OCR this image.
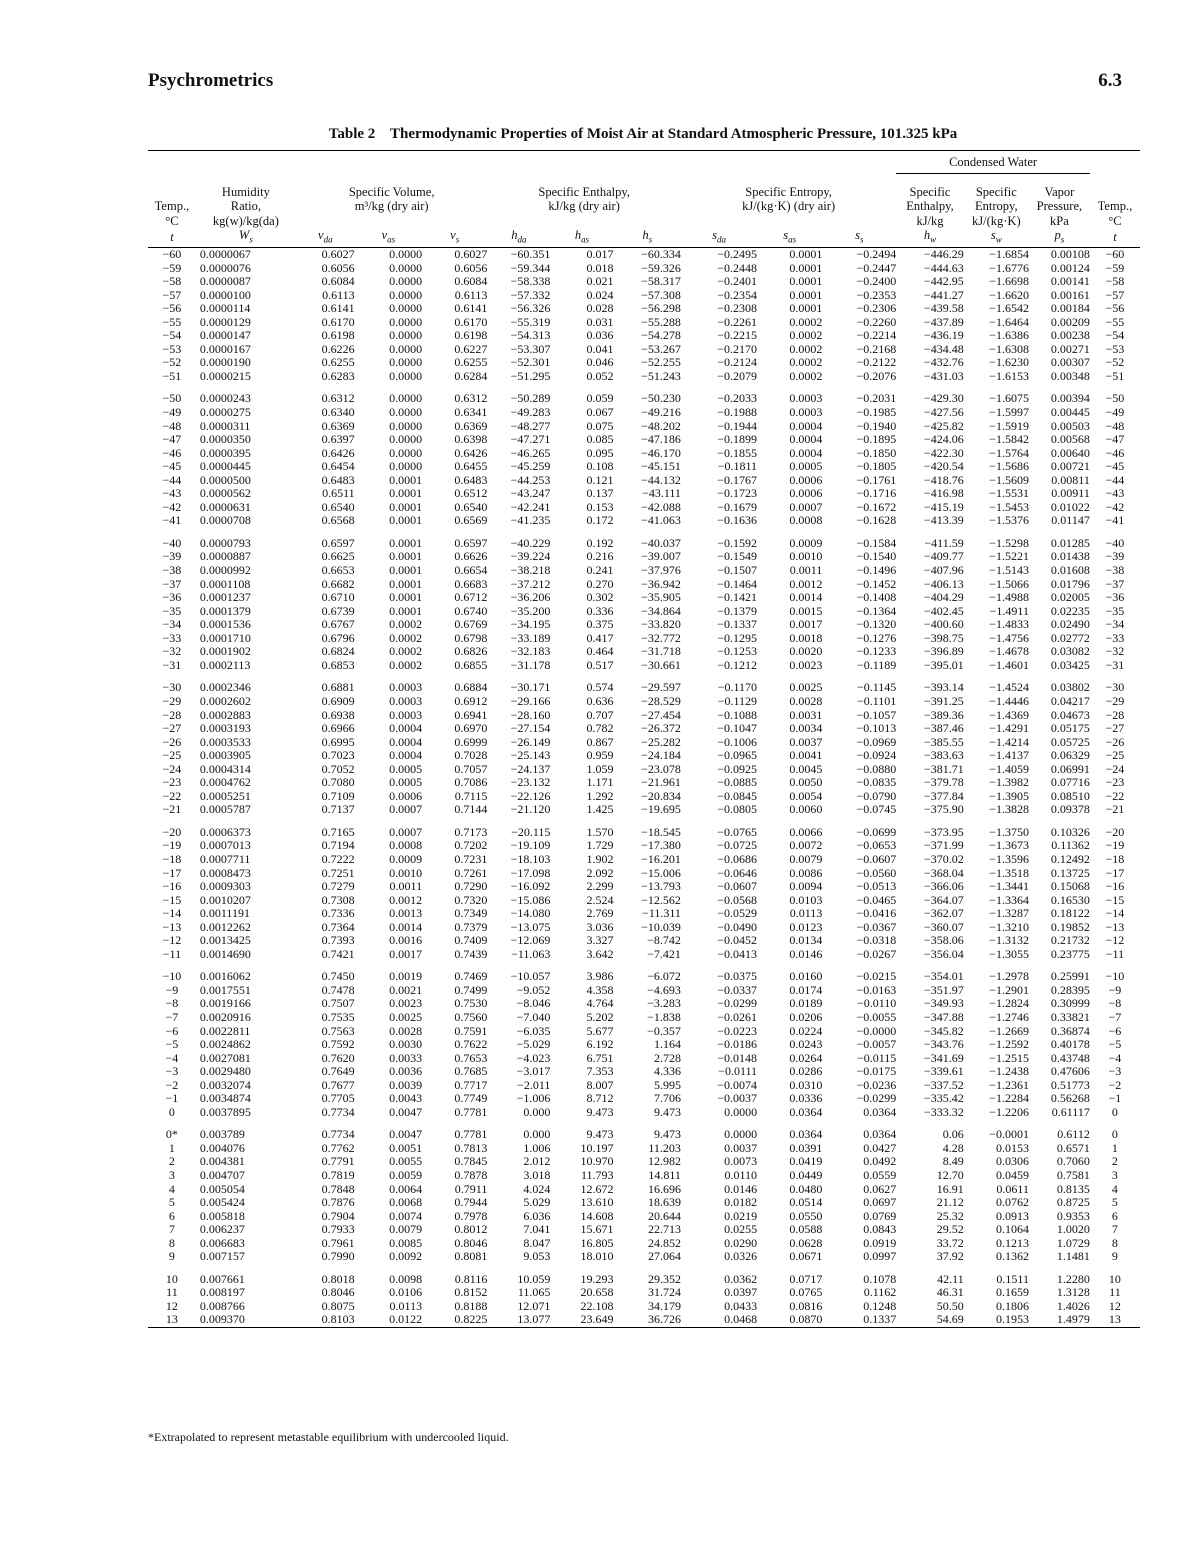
Psychrometrics	6.3
Table 2    Thermodynamic Properties of Moist Air at Standard Atmospheric Pressure, 101.325 kPa
											Condensed Water			

Temp.,
°C	Humidity
Ratio,
kg(w)/kg(da)	Specific Volume,
m³/kg (dry air)			Specific Enthalpy,
kJ/kg (dry air)			Specific Entropy,
kJ/(kg·K) (dry air)			Specific
Enthalpy,
kJ/kg	Specific
Entropy,
kJ/(kg·K)	Vapor
Pressure,
kPa	Temp.,
°C
t	$W_s$	$v_{da}$	$v_{as}$	$v_s$	$h_{da}$	$h_{as}$	$h_s$	$s_{da}$	$s_{as}$	$s_s$	$h_w$	$s_w$	$p_s$	t
−60	0.0000067	0.6027	0.0000	0.6027	−60.351	0.017	−60.334	−0.2495	0.0001	−0.2494	−446.29	−1.6854	0.00108	−60
−59	0.0000076	0.6056	0.0000	0.6056	−59.344	0.018	−59.326	−0.2448	0.0001	−0.2447	−444.63	−1.6776	0.00124	−59
−58	0.0000087	0.6084	0.0000	0.6084	−58.338	0.021	−58.317	−0.2401	0.0001	−0.2400	−442.95	−1.6698	0.00141	−58
−57	0.0000100	0.6113	0.0000	0.6113	−57.332	0.024	−57.308	−0.2354	0.0001	−0.2353	−441.27	−1.6620	0.00161	−57
−56	0.0000114	0.6141	0.0000	0.6141	−56.326	0.028	−56.298	−0.2308	0.0001	−0.2306	−439.58	−1.6542	0.00184	−56
−55	0.0000129	0.6170	0.0000	0.6170	−55.319	0.031	−55.288	−0.2261	0.0002	−0.2260	−437.89	−1.6464	0.00209	−55
−54	0.0000147	0.6198	0.0000	0.6198	−54.313	0.036	−54.278	−0.2215	0.0002	−0.2214	−436.19	−1.6386	0.00238	−54
−53	0.0000167	0.6226	0.0000	0.6227	−53.307	0.041	−53.267	−0.2170	0.0002	−0.2168	−434.48	−1.6308	0.00271	−53
−52	0.0000190	0.6255	0.0000	0.6255	−52.301	0.046	−52.255	−0.2124	0.0002	−0.2122	−432.76	−1.6230	0.00307	−52
−51	0.0000215	0.6283	0.0000	0.6284	−51.295	0.052	−51.243	−0.2079	0.0002	−0.2076	−431.03	−1.6153	0.00348	−51

−50	0.0000243	0.6312	0.0000	0.6312	−50.289	0.059	−50.230	−0.2033	0.0003	−0.2031	−429.30	−1.6075	0.00394	−50
−49	0.0000275	0.6340	0.0000	0.6341	−49.283	0.067	−49.216	−0.1988	0.0003	−0.1985	−427.56	−1.5997	0.00445	−49
−48	0.0000311	0.6369	0.0000	0.6369	−48.277	0.075	−48.202	−0.1944	0.0004	−0.1940	−425.82	−1.5919	0.00503	−48
−47	0.0000350	0.6397	0.0000	0.6398	−47.271	0.085	−47.186	−0.1899	0.0004	−0.1895	−424.06	−1.5842	0.00568	−47
−46	0.0000395	0.6426	0.0000	0.6426	−46.265	0.095	−46.170	−0.1855	0.0004	−0.1850	−422.30	−1.5764	0.00640	−46
−45	0.0000445	0.6454	0.0000	0.6455	−45.259	0.108	−45.151	−0.1811	0.0005	−0.1805	−420.54	−1.5686	0.00721	−45
−44	0.0000500	0.6483	0.0001	0.6483	−44.253	0.121	−44.132	−0.1767	0.0006	−0.1761	−418.76	−1.5609	0.00811	−44
−43	0.0000562	0.6511	0.0001	0.6512	−43.247	0.137	−43.111	−0.1723	0.0006	−0.1716	−416.98	−1.5531	0.00911	−43
−42	0.0000631	0.6540	0.0001	0.6540	−42.241	0.153	−42.088	−0.1679	0.0007	−0.1672	−415.19	−1.5453	0.01022	−42
−41	0.0000708	0.6568	0.0001	0.6569	−41.235	0.172	−41.063	−0.1636	0.0008	−0.1628	−413.39	−1.5376	0.01147	−41

−40	0.0000793	0.6597	0.0001	0.6597	−40.229	0.192	−40.037	−0.1592	0.0009	−0.1584	−411.59	−1.5298	0.01285	−40
−39	0.0000887	0.6625	0.0001	0.6626	−39.224	0.216	−39.007	−0.1549	0.0010	−0.1540	−409.77	−1.5221	0.01438	−39
−38	0.0000992	0.6653	0.0001	0.6654	−38.218	0.241	−37.976	−0.1507	0.0011	−0.1496	−407.96	−1.5143	0.01608	−38
−37	0.0001108	0.6682	0.0001	0.6683	−37.212	0.270	−36.942	−0.1464	0.0012	−0.1452	−406.13	−1.5066	0.01796	−37
−36	0.0001237	0.6710	0.0001	0.6712	−36.206	0.302	−35.905	−0.1421	0.0014	−0.1408	−404.29	−1.4988	0.02005	−36
−35	0.0001379	0.6739	0.0001	0.6740	−35.200	0.336	−34.864	−0.1379	0.0015	−0.1364	−402.45	−1.4911	0.02235	−35
−34	0.0001536	0.6767	0.0002	0.6769	−34.195	0.375	−33.820	−0.1337	0.0017	−0.1320	−400.60	−1.4833	0.02490	−34
−33	0.0001710	0.6796	0.0002	0.6798	−33.189	0.417	−32.772	−0.1295	0.0018	−0.1276	−398.75	−1.4756	0.02772	−33
−32	0.0001902	0.6824	0.0002	0.6826	−32.183	0.464	−31.718	−0.1253	0.0020	−0.1233	−396.89	−1.4678	0.03082	−32
−31	0.0002113	0.6853	0.0002	0.6855	−31.178	0.517	−30.661	−0.1212	0.0023	−0.1189	−395.01	−1.4601	0.03425	−31

−30	0.0002346	0.6881	0.0003	0.6884	−30.171	0.574	−29.597	−0.1170	0.0025	−0.1145	−393.14	−1.4524	0.03802	−30
−29	0.0002602	0.6909	0.0003	0.6912	−29.166	0.636	−28.529	−0.1129	0.0028	−0.1101	−391.25	−1.4446	0.04217	−29
−28	0.0002883	0.6938	0.0003	0.6941	−28.160	0.707	−27.454	−0.1088	0.0031	−0.1057	−389.36	−1.4369	0.04673	−28
−27	0.0003193	0.6966	0.0004	0.6970	−27.154	0.782	−26.372	−0.1047	0.0034	−0.1013	−387.46	−1.4291	0.05175	−27
−26	0.0003533	0.6995	0.0004	0.6999	−26.149	0.867	−25.282	−0.1006	0.0037	−0.0969	−385.55	−1.4214	0.05725	−26
−25	0.0003905	0.7023	0.0004	0.7028	−25.143	0.959	−24.184	−0.0965	0.0041	−0.0924	−383.63	−1.4137	0.06329	−25
−24	0.0004314	0.7052	0.0005	0.7057	−24.137	1.059	−23.078	−0.0925	0.0045	−0.0880	−381.71	−1.4059	0.06991	−24
−23	0.0004762	0.7080	0.0005	0.7086	−23.132	1.171	−21.961	−0.0885	0.0050	−0.0835	−379.78	−1.3982	0.07716	−23
−22	0.0005251	0.7109	0.0006	0.7115	−22.126	1.292	−20.834	−0.0845	0.0054	−0.0790	−377.84	−1.3905	0.08510	−22
−21	0.0005787	0.7137	0.0007	0.7144	−21.120	1.425	−19.695	−0.0805	0.0060	−0.0745	−375.90	−1.3828	0.09378	−21

−20	0.0006373	0.7165	0.0007	0.7173	−20.115	1.570	−18.545	−0.0765	0.0066	−0.0699	−373.95	−1.3750	0.10326	−20
−19	0.0007013	0.7194	0.0008	0.7202	−19.109	1.729	−17.380	−0.0725	0.0072	−0.0653	−371.99	−1.3673	0.11362	−19
−18	0.0007711	0.7222	0.0009	0.7231	−18.103	1.902	−16.201	−0.0686	0.0079	−0.0607	−370.02	−1.3596	0.12492	−18
−17	0.0008473	0.7251	0.0010	0.7261	−17.098	2.092	−15.006	−0.0646	0.0086	−0.0560	−368.04	−1.3518	0.13725	−17
−16	0.0009303	0.7279	0.0011	0.7290	−16.092	2.299	−13.793	−0.0607	0.0094	−0.0513	−366.06	−1.3441	0.15068	−16
−15	0.0010207	0.7308	0.0012	0.7320	−15.086	2.524	−12.562	−0.0568	0.0103	−0.0465	−364.07	−1.3364	0.16530	−15
−14	0.0011191	0.7336	0.0013	0.7349	−14.080	2.769	−11.311	−0.0529	0.0113	−0.0416	−362.07	−1.3287	0.18122	−14
−13	0.0012262	0.7364	0.0014	0.7379	−13.075	3.036	−10.039	−0.0490	0.0123	−0.0367	−360.07	−1.3210	0.19852	−13
−12	0.0013425	0.7393	0.0016	0.7409	−12.069	3.327	−8.742	−0.0452	0.0134	−0.0318	−358.06	−1.3132	0.21732	−12
−11	0.0014690	0.7421	0.0017	0.7439	−11.063	3.642	−7.421	−0.0413	0.0146	−0.0267	−356.04	−1.3055	0.23775	−11

−10	0.0016062	0.7450	0.0019	0.7469	−10.057	3.986	−6.072	−0.0375	0.0160	−0.0215	−354.01	−1.2978	0.25991	−10
−9	0.0017551	0.7478	0.0021	0.7499	−9.052	4.358	−4.693	−0.0337	0.0174	−0.0163	−351.97	−1.2901	0.28395	−9
−8	0.0019166	0.7507	0.0023	0.7530	−8.046	4.764	−3.283	−0.0299	0.0189	−0.0110	−349.93	−1.2824	0.30999	−8
−7	0.0020916	0.7535	0.0025	0.7560	−7.040	5.202	−1.838	−0.0261	0.0206	−0.0055	−347.88	−1.2746	0.33821	−7
−6	0.0022811	0.7563	0.0028	0.7591	−6.035	5.677	−0.357	−0.0223	0.0224	−0.0000	−345.82	−1.2669	0.36874	−6
−5	0.0024862	0.7592	0.0030	0.7622	−5.029	6.192	1.164	−0.0186	0.0243	−0.0057	−343.76	−1.2592	0.40178	−5
−4	0.0027081	0.7620	0.0033	0.7653	−4.023	6.751	2.728	−0.0148	0.0264	−0.0115	−341.69	−1.2515	0.43748	−4
−3	0.0029480	0.7649	0.0036	0.7685	−3.017	7.353	4.336	−0.0111	0.0286	−0.0175	−339.61	−1.2438	0.47606	−3
−2	0.0032074	0.7677	0.0039	0.7717	−2.011	8.007	5.995	−0.0074	0.0310	−0.0236	−337.52	−1.2361	0.51773	−2
−1	0.0034874	0.7705	0.0043	0.7749	−1.006	8.712	7.706	−0.0037	0.0336	−0.0299	−335.42	−1.2284	0.56268	−1
0	0.0037895	0.7734	0.0047	0.7781	0.000	9.473	9.473	0.0000	0.0364	0.0364	−333.32	−1.2206	0.61117	0

0*	0.003789	0.7734	0.0047	0.7781	0.000	9.473	9.473	0.0000	0.0364	0.0364	0.06	−0.0001	0.6112	0
1	0.004076	0.7762	0.0051	0.7813	1.006	10.197	11.203	0.0037	0.0391	0.0427	4.28	0.0153	0.6571	1
2	0.004381	0.7791	0.0055	0.7845	2.012	10.970	12.982	0.0073	0.0419	0.0492	8.49	0.0306	0.7060	2
3	0.004707	0.7819	0.0059	0.7878	3.018	11.793	14.811	0.0110	0.0449	0.0559	12.70	0.0459	0.7581	3
4	0.005054	0.7848	0.0064	0.7911	4.024	12.672	16.696	0.0146	0.0480	0.0627	16.91	0.0611	0.8135	4
5	0.005424	0.7876	0.0068	0.7944	5.029	13.610	18.639	0.0182	0.0514	0.0697	21.12	0.0762	0.8725	5
6	0.005818	0.7904	0.0074	0.7978	6.036	14.608	20.644	0.0219	0.0550	0.0769	25.32	0.0913	0.9353	6
7	0.006237	0.7933	0.0079	0.8012	7.041	15.671	22.713	0.0255	0.0588	0.0843	29.52	0.1064	1.0020	7
8	0.006683	0.7961	0.0085	0.8046	8.047	16.805	24.852	0.0290	0.0628	0.0919	33.72	0.1213	1.0729	8
9	0.007157	0.7990	0.0092	0.8081	9.053	18.010	27.064	0.0326	0.0671	0.0997	37.92	0.1362	1.1481	9

10	0.007661	0.8018	0.0098	0.8116	10.059	19.293	29.352	0.0362	0.0717	0.1078	42.11	0.1511	1.2280	10
11	0.008197	0.8046	0.0106	0.8152	11.065	20.658	31.724	0.0397	0.0765	0.1162	46.31	0.1659	1.3128	11
12	0.008766	0.8075	0.0113	0.8188	12.071	22.108	34.179	0.0433	0.0816	0.1248	50.50	0.1806	1.4026	12
13	0.009370	0.8103	0.0122	0.8225	13.077	23.649	36.726	0.0468	0.0870	0.1337	54.69	0.1953	1.4979	13
*Extrapolated to represent metastable equilibrium with undercooled liquid.
